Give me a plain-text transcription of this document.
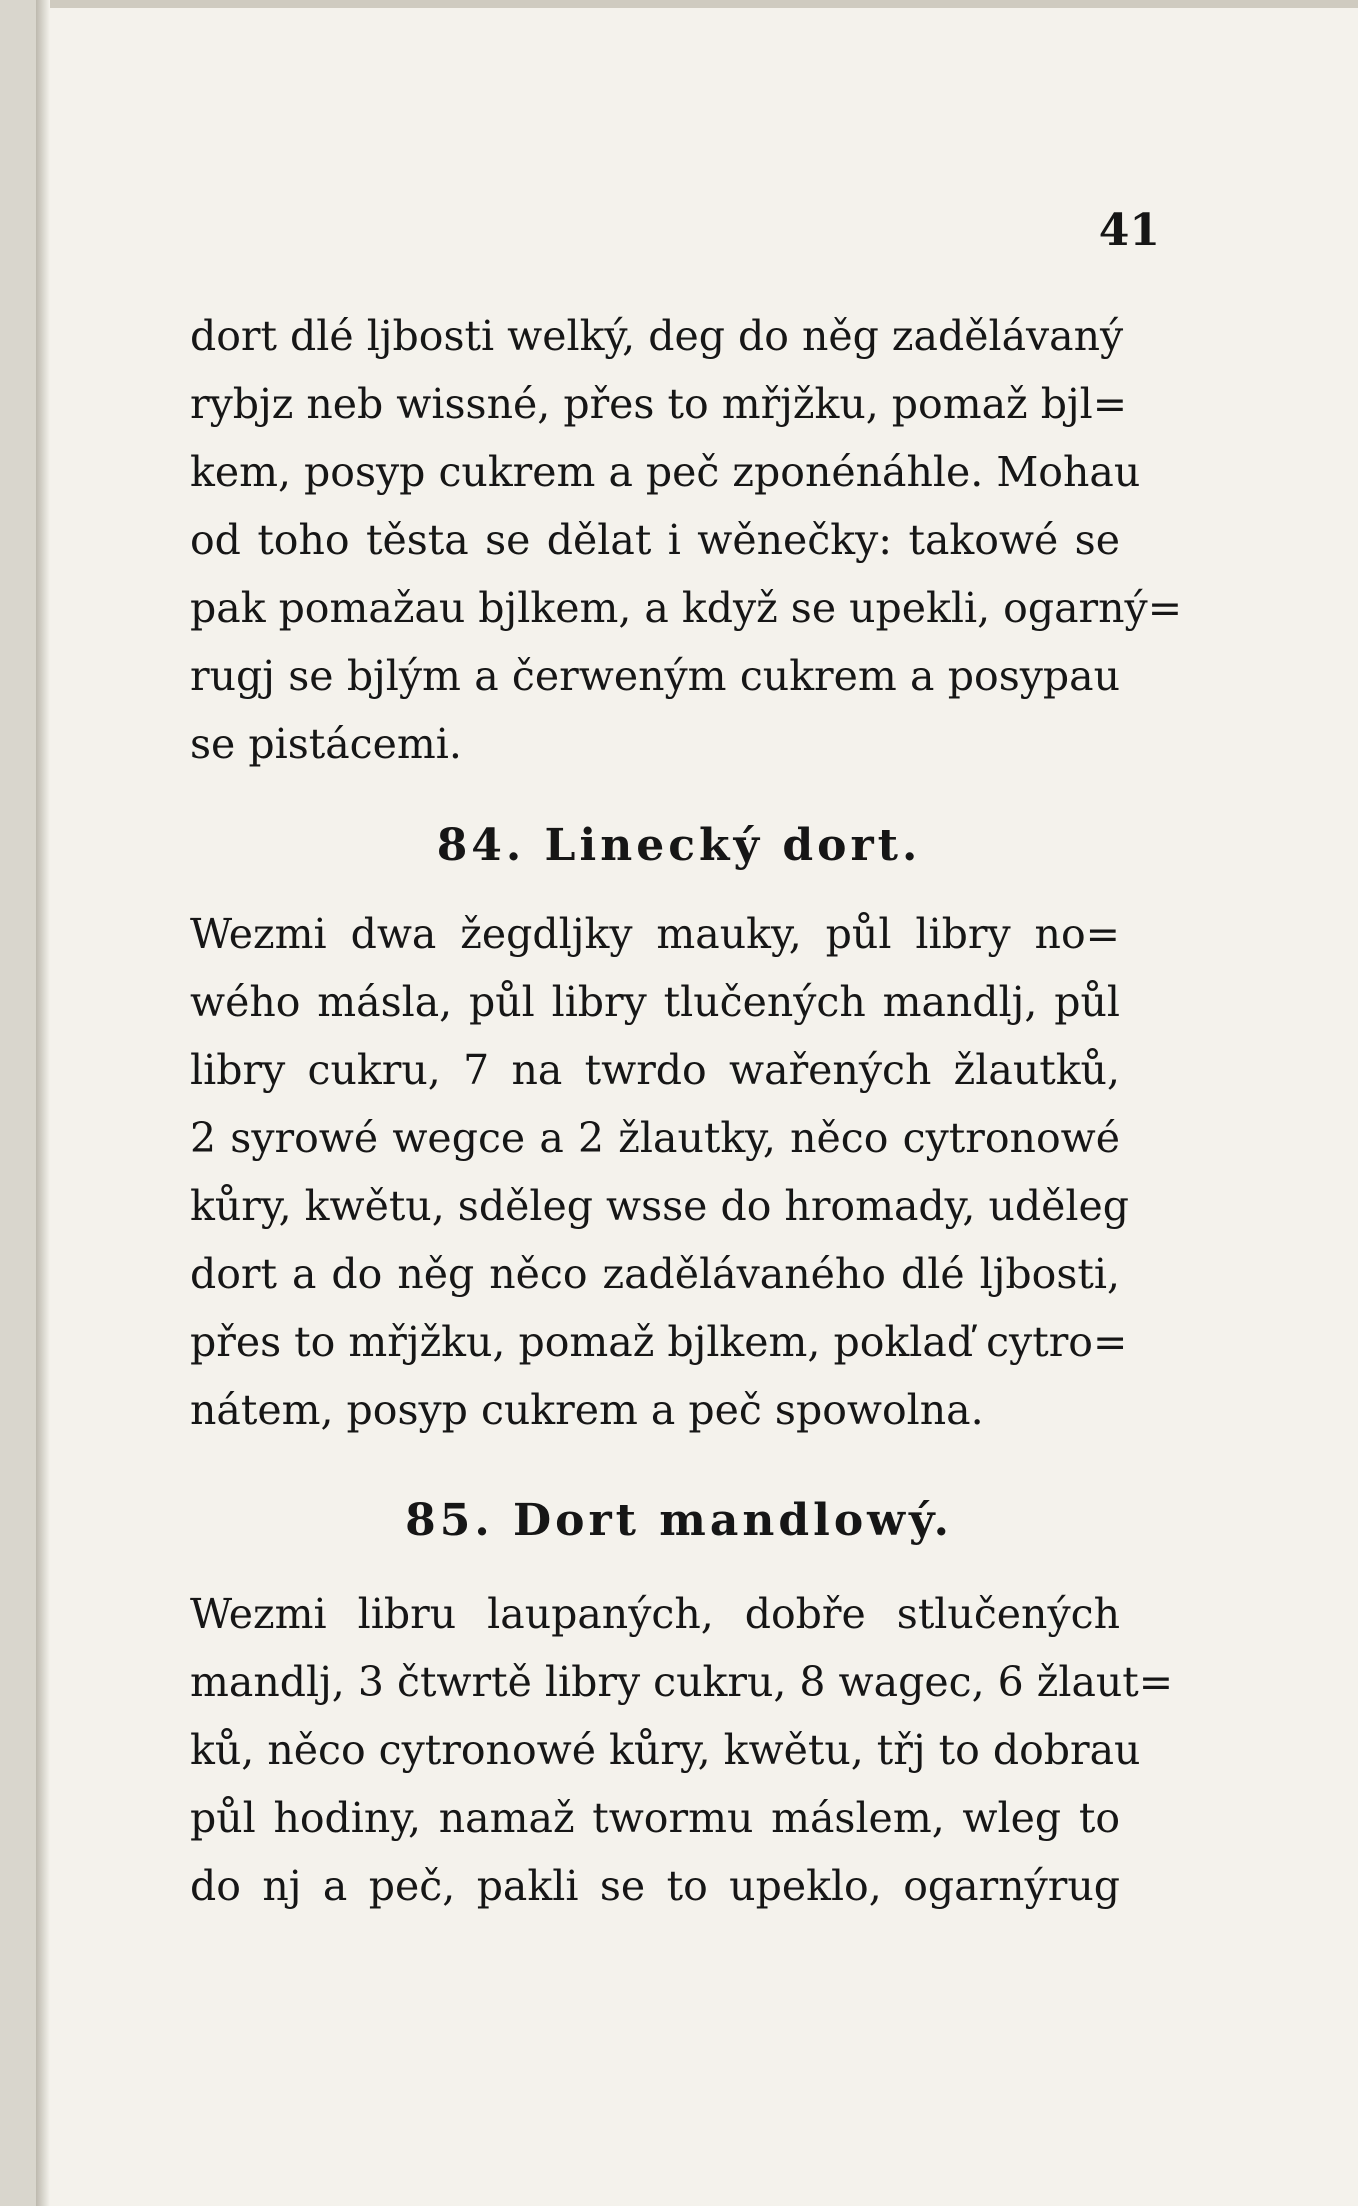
41
dort dlé ljbosti welký, deg do něg zadělávaný
rybjz neb wissné, přes to mřjžku, pomaž bjl=
kem, posyp cukrem a peč zponénáhle. Mohau
od toho těsta se dělat i wěnečky: takowé se
pak pomažau bjlkem, a když se upekli, ogarný=
rugj se bjlým a čerweným cukrem a posypau
se pistácemi.
84. Linecký dort.
Wezmi dwa žegdljky mauky, půl libry no=
wého másla, půl libry tlučených mandlj, půl
libry cukru, 7 na twrdo wařených žlautků,
2 syrowé wegce a 2 žlautky, něco cytronowé
kůry, kwětu, sděleg wsse do hromady, uděleg
dort a do něg něco zadělávaného dlé ljbosti,
přes to mřjžku, pomaž bjlkem, poklaď cytro=
nátem, posyp cukrem a peč spowolna.
85. Dort mandlowý.
Wezmi libru laupaných, dobře stlučených
mandlj, 3 čtwrtě libry cukru, 8 wagec, 6 žlaut=
ků, něco cytronowé kůry, kwětu, třj to dobrau
půl hodiny, namaž twormu máslem, wleg to
do nj a peč, pakli se to upeklo, ogarnýrug
